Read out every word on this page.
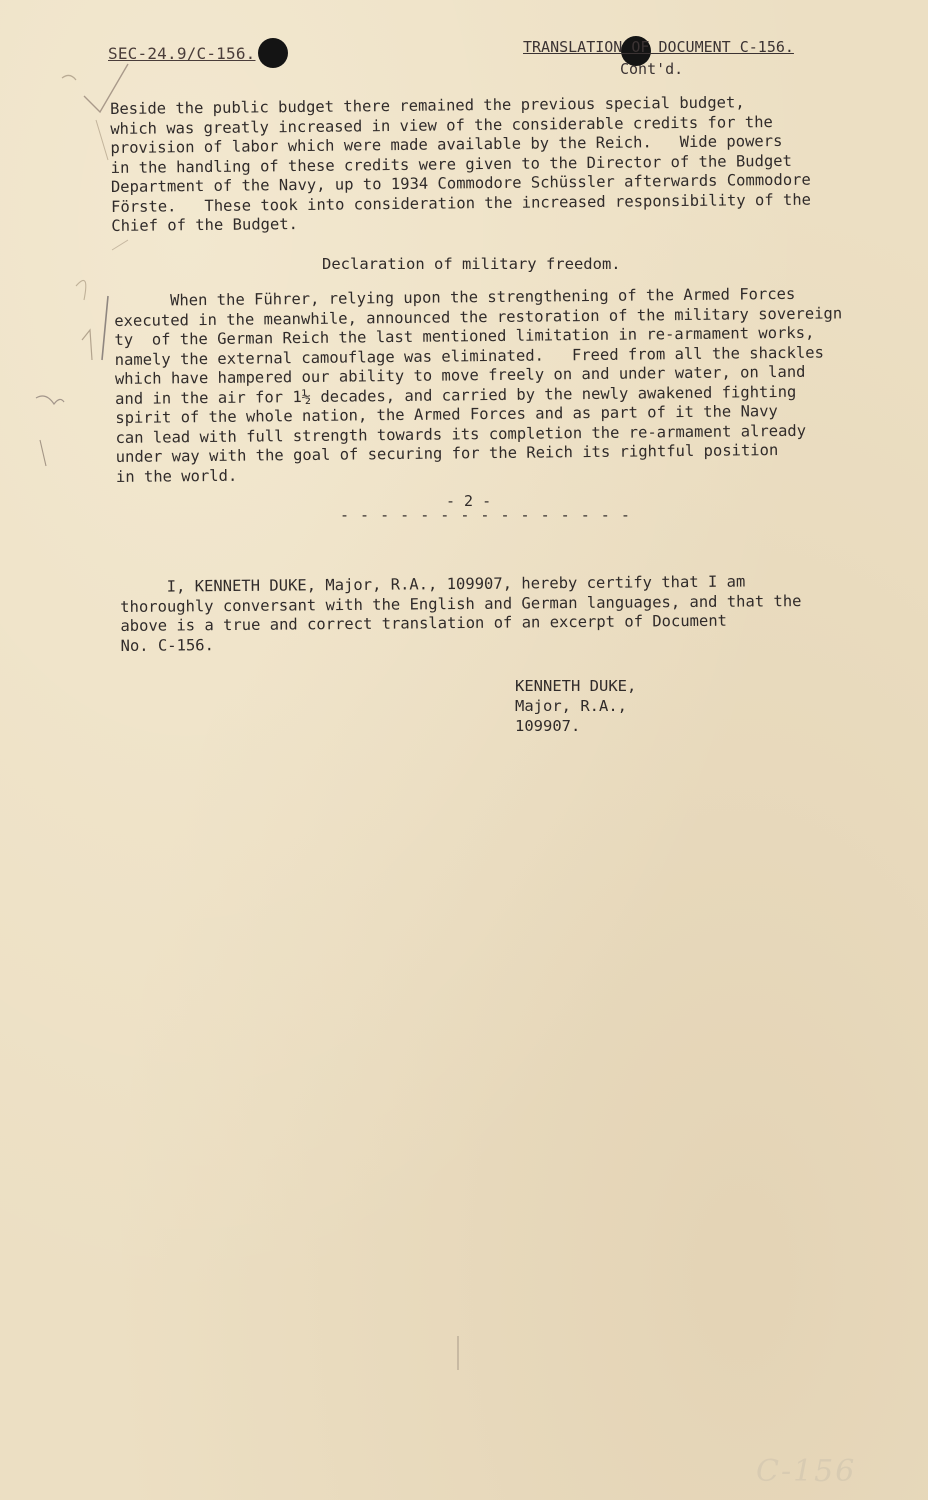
SEC-24.9/C-156.	TRANSLATION OF DOCUMENT C-156.
Cont'd.

Beside the public budget there remained the previous special budget,
which was greatly increased in view of the considerable credits for the
provision of labor which were made available by the Reich.   Wide powers
in the handling of these credits were given to the Director of the Budget
Department of the Navy, up to 1934 Commodore Schüssler afterwards Commodore
Förste.   These took into consideration the increased responsibility of the
Chief of the Budget.

Declaration of military freedom.

When the Führer, relying upon the strengthening of the Armed Forces
executed in the meanwhile, announced the restoration of the military sovereign
ty  of the German Reich the last mentioned limitation in re-armament works,
namely the external camouflage was eliminated.   Freed from all the shackles
which have hampered our ability to move freely on and under water, on land
and in the air for 1½ decades, and carried by the newly awakened fighting
spirit of the whole nation, the Armed Forces and as part of it the Navy
can lead with full strength towards its completion the re-armament already
under way with the goal of securing for the Reich its rightful position
in the world.

- 2 -
- - - - - - - - - - - - - - -

I, KENNETH DUKE, Major, R.A., 109907, hereby certify that I am
thoroughly conversant with the English and German languages, and that the
above is a true and correct translation of an excerpt of Document
No. C-156.

KENNETH DUKE,
Major, R.A.,
109907.
C-156
